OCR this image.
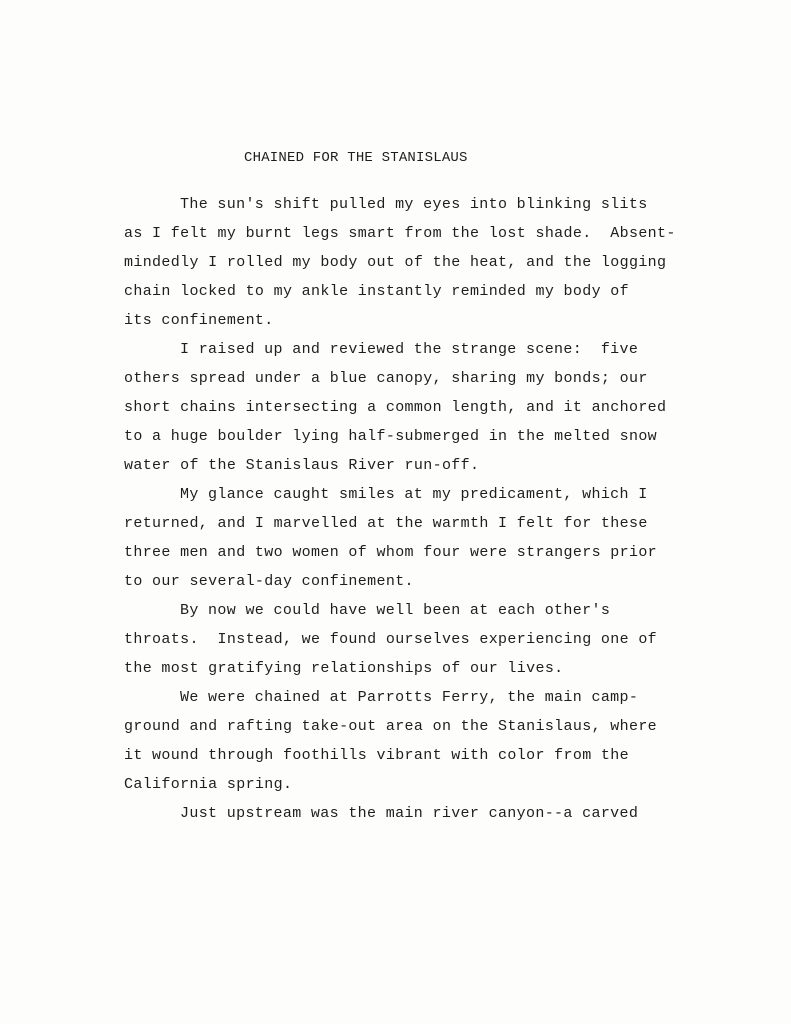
CHAINED FOR THE STANISLAUS
The sun's shift pulled my eyes into blinking slits
as I felt my burnt legs smart from the lost shade.  Absent-
mindedly I rolled my body out of the heat, and the logging
chain locked to my ankle instantly reminded my body of
its confinement.
I raised up and reviewed the strange scene:  five
others spread under a blue canopy, sharing my bonds; our
short chains intersecting a common length, and it anchored
to a huge boulder lying half-submerged in the melted snow
water of the Stanislaus River run-off.
My glance caught smiles at my predicament, which I
returned, and I marvelled at the warmth I felt for these
three men and two women of whom four were strangers prior
to our several-day confinement.
By now we could have well been at each other's
throats.  Instead, we found ourselves experiencing one of
the most gratifying relationships of our lives.
We were chained at Parrotts Ferry, the main camp-
ground and rafting take-out area on the Stanislaus, where
it wound through foothills vibrant with color from the
California spring.
Just upstream was the main river canyon--a carved
